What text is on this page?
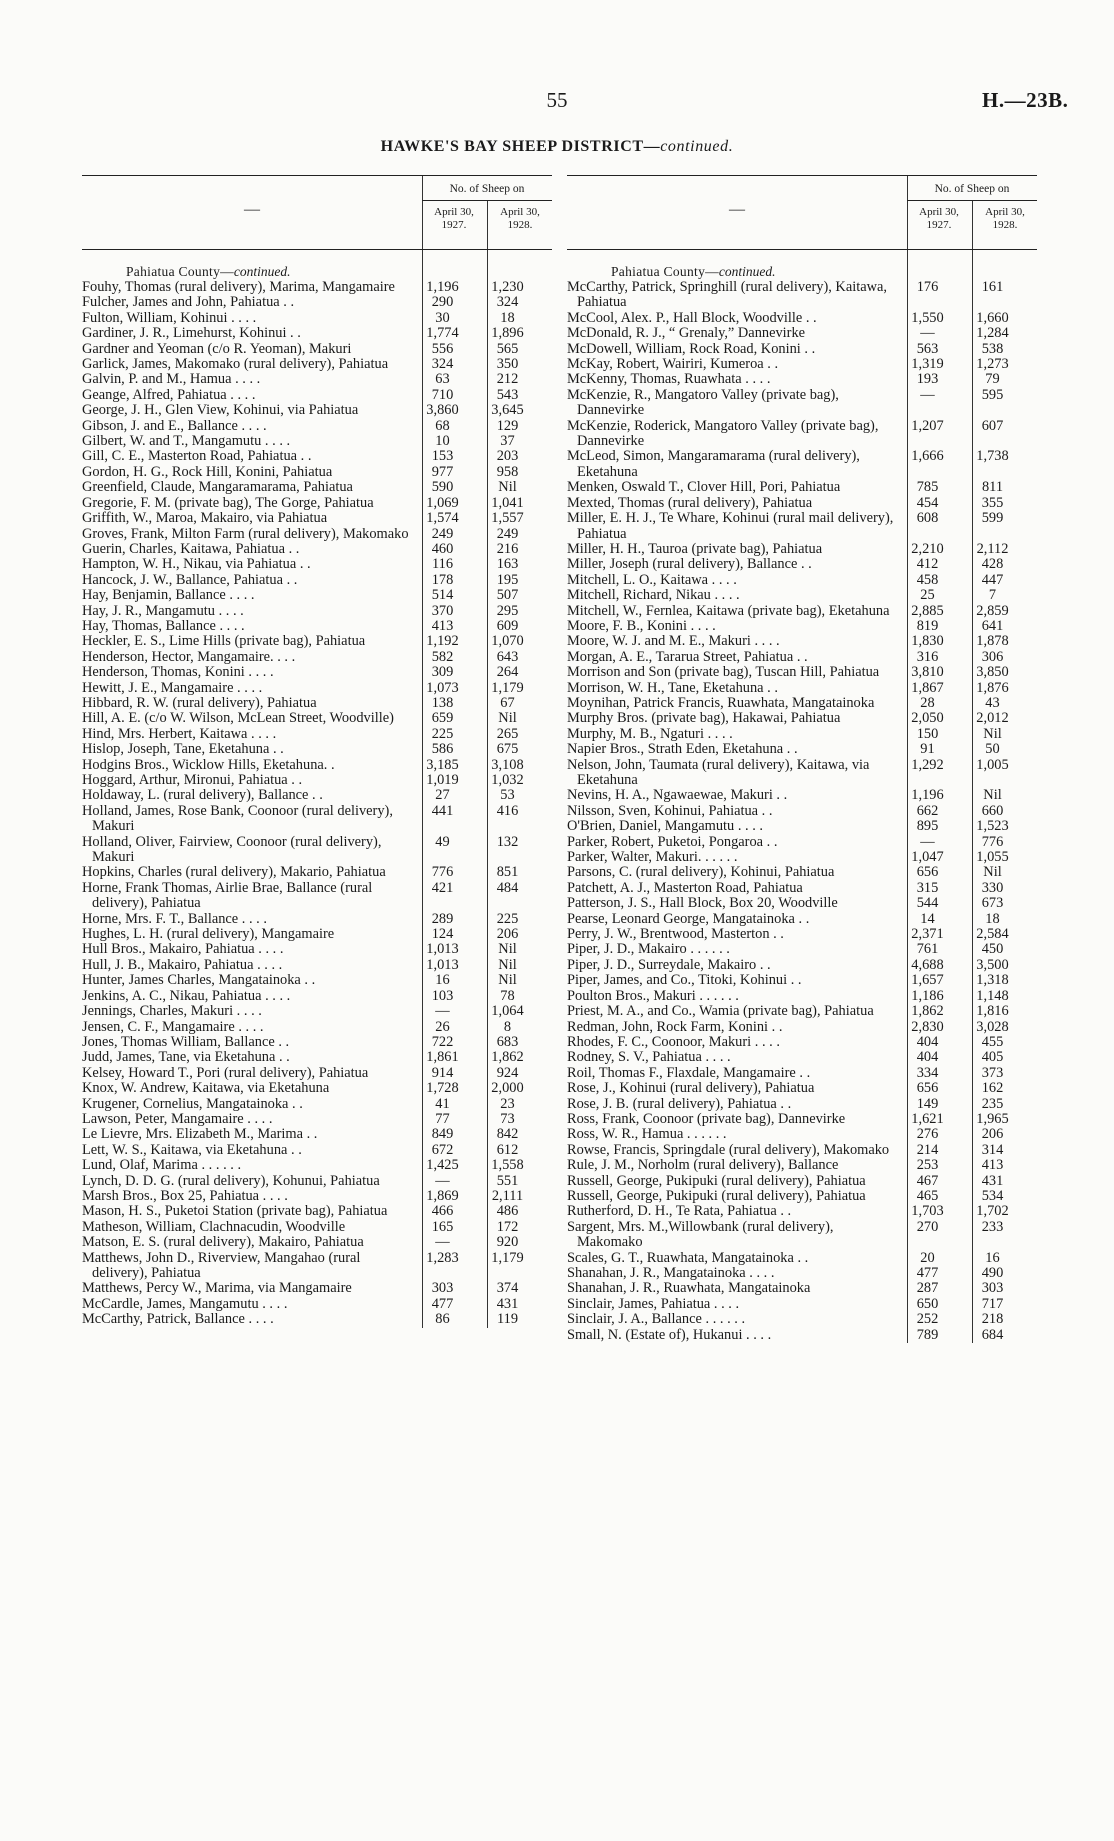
55	H.—23B.
HAWKE'S BAY SHEEP DISTRICT—continued.
—
No. of Sheep on
April 30, 1927.
April 30, 1928.
Pahiatua County—continued.
Fouhy, Thomas (rural delivery), Marima, Mangamaire	1,196	1,230
Fulcher, James and John, Pahiatua . .	290	324
Fulton, William, Kohinui . . . .	30	18
Gardiner, J. R., Limehurst, Kohinui . .	1,774	1,896
Gardner and Yeoman (c/o R. Yeoman), Makuri	556	565
Garlick, James, Makomako (rural delivery), Pahiatua	324	350
Galvin, P. and M., Hamua . . . .	63	212
Geange, Alfred, Pahiatua . . . .	710	543
George, J. H., Glen View, Kohinui, via Pahiatua	3,860	3,645
Gibson, J. and E., Ballance . . . .	68	129
Gilbert, W. and T., Mangamutu . . . .	10	37
Gill, C. E., Masterton Road, Pahiatua . .	153	203
Gordon, H. G., Rock Hill, Konini, Pahiatua	977	958
Greenfield, Claude, Mangaramarama, Pahiatua	590	Nil
Gregorie, F. M. (private bag), The Gorge, Pahiatua	1,069	1,041
Griffith, W., Maroa, Makairo, via Pahiatua	1,574	1,557
Groves, Frank, Milton Farm (rural delivery), Makomako	249	249
Guerin, Charles, Kaitawa, Pahiatua . .	460	216
Hampton, W. H., Nikau, via Pahiatua . .	116	163
Hancock, J. W., Ballance, Pahiatua . .	178	195
Hay, Benjamin, Ballance . . . .	514	507
Hay, J. R., Mangamutu . . . .	370	295
Hay, Thomas, Ballance . . . .	413	609
Heckler, E. S., Lime Hills (private bag), Pahiatua	1,192	1,070
Henderson, Hector, Mangamaire. . . .	582	643
Henderson, Thomas, Konini . . . .	309	264
Hewitt, J. E., Mangamaire . . . .	1,073	1,179
Hibbard, R. W. (rural delivery), Pahiatua	138	67
Hill, A. E. (c/o W. Wilson, McLean Street, Woodville)	659	Nil
Hind, Mrs. Herbert, Kaitawa . . . .	225	265
Hislop, Joseph, Tane, Eketahuna . .	586	675
Hodgins Bros., Wicklow Hills, Eketahuna. .	3,185	3,108
Hoggard, Arthur, Mironui, Pahiatua . .	1,019	1,032
Holdaway, L. (rural delivery), Ballance . .	27	53
Holland, James, Rose Bank, Coonoor (rural delivery), Makuri
441	416
Holland, Oliver, Fairview, Coonoor (rural delivery), Makuri
49	132
Hopkins, Charles (rural delivery), Makario, Pahiatua	776	851
Horne, Frank Thomas, Airlie Brae, Ballance (rural delivery), Pahiatua
421	484
Horne, Mrs. F. T., Ballance . . . .	289	225
Hughes, L. H. (rural delivery), Mangamaire	124	206
Hull Bros., Makairo, Pahiatua . . . .	1,013	Nil
Hull, J. B., Makairo, Pahiatua . . . .	1,013	Nil
Hunter, James Charles, Mangatainoka . .	16	Nil
Jenkins, A. C., Nikau, Pahiatua . . . .	103	78
Jennings, Charles, Makuri . . . .	—	1,064
Jensen, C. F., Mangamaire . . . .	26	8
Jones, Thomas William, Ballance . .	722	683
Judd, James, Tane, via Eketahuna . .	1,861	1,862
Kelsey, Howard T., Pori (rural delivery), Pahiatua	914	924
Knox, W. Andrew, Kaitawa, via Eketahuna	1,728	2,000
Krugener, Cornelius, Mangatainoka . .	41	23
Lawson, Peter, Mangamaire . . . .	77	73
Le Lievre, Mrs. Elizabeth M., Marima . .	849	842
Lett, W. S., Kaitawa, via Eketahuna . .	672	612
Lund, Olaf, Marima . . . . . .	1,425	1,558
Lynch, D. D. G. (rural delivery), Kohunui, Pahiatua	—	551
Marsh Bros., Box 25, Pahiatua . . . .	1,869	2,111
Mason, H. S., Puketoi Station (private bag), Pahiatua	466	486
Matheson, William, Clachnacudin, Woodville	165	172
Matson, E. S. (rural delivery), Makairo, Pahiatua	—	920
Matthews, John D., Riverview, Mangahao (rural delivery), Pahiatua
1,283	1,179
Matthews, Percy W., Marima, via Mangamaire	303	374
McCardle, James, Mangamutu . . . .	477	431
McCarthy, Patrick, Ballance . . . .	86	119
—
No. of Sheep on
April 30, 1927.
April 30, 1928.
Pahiatua County—continued.
McCarthy, Patrick, Springhill (rural delivery), Kaitawa, Pahiatua
176	161
McCool, Alex. P., Hall Block, Woodville . .	1,550	1,660
McDonald, R. J., “ Grenaly,” Dannevirke	—	1,284
McDowell, William, Rock Road, Konini . .	563	538
McKay, Robert, Wairiri, Kumeroa . .	1,319	1,273
McKenny, Thomas, Ruawhata . . . .	193	79
McKenzie, R., Mangatoro Valley (private bag), Dannevirke
—	595
McKenzie, Roderick, Mangatoro Valley (private bag), Dannevirke
1,207	607
McLeod, Simon, Mangaramarama (rural delivery), Eketahuna
1,666	1,738
Menken, Oswald T., Clover Hill, Pori, Pahiatua	785	811
Mexted, Thomas (rural delivery), Pahiatua	454	355
Miller, E. H. J., Te Whare, Kohinui (rural mail delivery), Pahiatua
608	599
Miller, H. H., Tauroa (private bag), Pahiatua	2,210	2,112
Miller, Joseph (rural delivery), Ballance . .	412	428
Mitchell, L. O., Kaitawa . . . .	458	447
Mitchell, Richard, Nikau . . . .	25	7
Mitchell, W., Fernlea, Kaitawa (private bag), Eketahuna	2,885	2,859
Moore, F. B., Konini . . . .	819	641
Moore, W. J. and M. E., Makuri . . . .	1,830	1,878
Morgan, A. E., Tararua Street, Pahiatua . .	316	306
Morrison and Son (private bag), Tuscan Hill, Pahiatua	3,810	3,850
Morrison, W. H., Tane, Eketahuna . .	1,867	1,876
Moynihan, Patrick Francis, Ruawhata, Mangatainoka	28	43
Murphy Bros. (private bag), Hakawai, Pahiatua	2,050	2,012
Murphy, M. B., Ngaturi . . . .	150	Nil
Napier Bros., Strath Eden, Eketahuna . .	91	50
Nelson, John, Taumata (rural delivery), Kaitawa, via Eketahuna
1,292	1,005
Nevins, H. A., Ngawaewae, Makuri . .	1,196	Nil
Nilsson, Sven, Kohinui, Pahiatua . .	662	660
O'Brien, Daniel, Mangamutu . . . .	895	1,523
Parker, Robert, Puketoi, Pongaroa . .	—	776
Parker, Walter, Makuri. . . . . .	1,047	1,055
Parsons, C. (rural delivery), Kohinui, Pahiatua	656	Nil
Patchett, A. J., Masterton Road, Pahiatua	315	330
Patterson, J. S., Hall Block, Box 20, Woodville	544	673
Pearse, Leonard George, Mangatainoka . .	14	18
Perry, J. W., Brentwood, Masterton . .	2,371	2,584
Piper, J. D., Makairo . . . . . .	761	450
Piper, J. D., Surreydale, Makairo . .	4,688	3,500
Piper, James, and Co., Titoki, Kohinui . .	1,657	1,318
Poulton Bros., Makuri . . . . . .	1,186	1,148
Priest, M. A., and Co., Wamia (private bag), Pahiatua	1,862	1,816
Redman, John, Rock Farm, Konini . .	2,830	3,028
Rhodes, F. C., Coonoor, Makuri . . . .	404	455
Rodney, S. V., Pahiatua . . . .	404	405
Roil, Thomas F., Flaxdale, Mangamaire . .	334	373
Rose, J., Kohinui (rural delivery), Pahiatua	656	162
Rose, J. B. (rural delivery), Pahiatua . .	149	235
Ross, Frank, Coonoor (private bag), Dannevirke	1,621	1,965
Ross, W. R., Hamua . . . . . .	276	206
Rowse, Francis, Springdale (rural delivery), Makomako	214	314
Rule, J. M., Norholm (rural delivery), Ballance	253	413
Russell, George, Pukipuki (rural delivery), Pahiatua	467	431
Russell, George, Pukipuki (rural delivery), Pahiatua	465	534
Rutherford, D. H., Te Rata, Pahiatua . .	1,703	1,702
Sargent, Mrs. M.,Willowbank (rural delivery), Makomako
270	233
Scales, G. T., Ruawhata, Mangatainoka . .	20	16
Shanahan, J. R., Mangatainoka . . . .	477	490
Shanahan, J. R., Ruawhata, Mangatainoka	287	303
Sinclair, James, Pahiatua . . . .	650	717
Sinclair, J. A., Ballance . . . . . .	252	218
Small, N. (Estate of), Hukanui . . . .	789	684
